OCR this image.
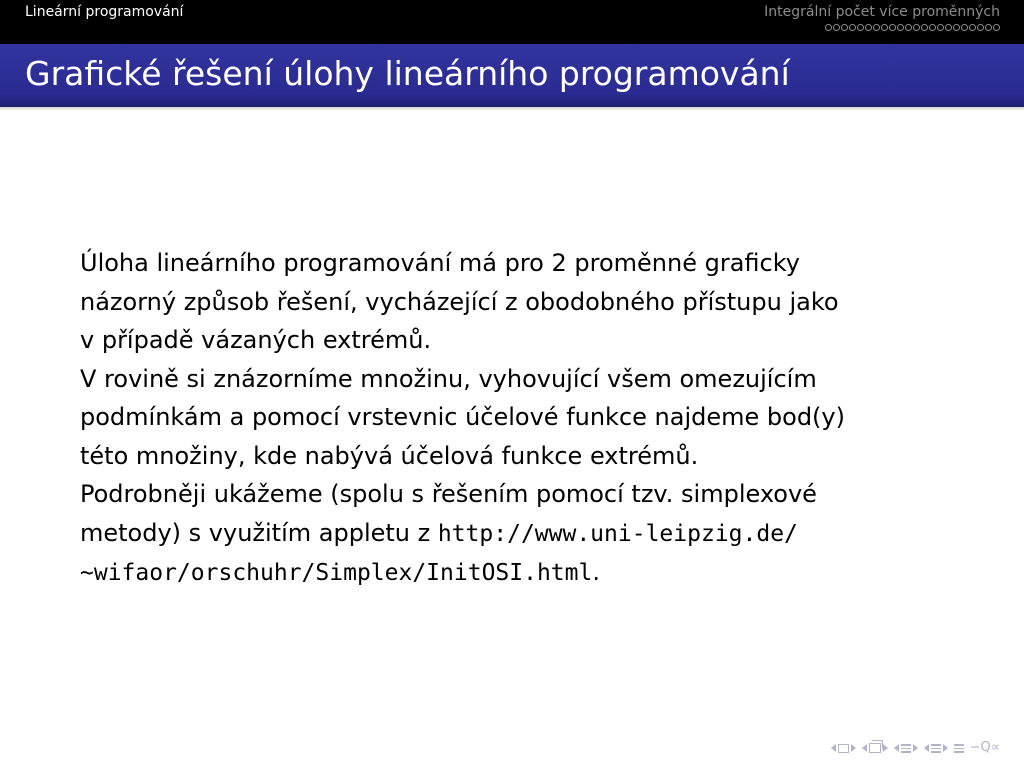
Lineární programování	Integrální počet více proměnných
Grafické řešení úlohy lineárního programování
Úloha lineárního programování má pro 2 proměnné graficky
názorný způsob řešení, vycházející z obodobného přístupu jako
v případě vázaných extrémů.
V rovině si znázorníme množinu, vyhovující všem omezujícím
podmínkám a pomocí vrstevnic účelové funkce najdeme bod(y)
této množiny, kde nabývá účelová funkce extrémů.
Podrobněji ukážeme (spolu s řešením pomocí tzv. simplexové
metody) s využitím appletu z http://www.uni-leipzig.de/
~wifaor/orschuhr/Simplex/InitOSI.html.
∽Q∝
